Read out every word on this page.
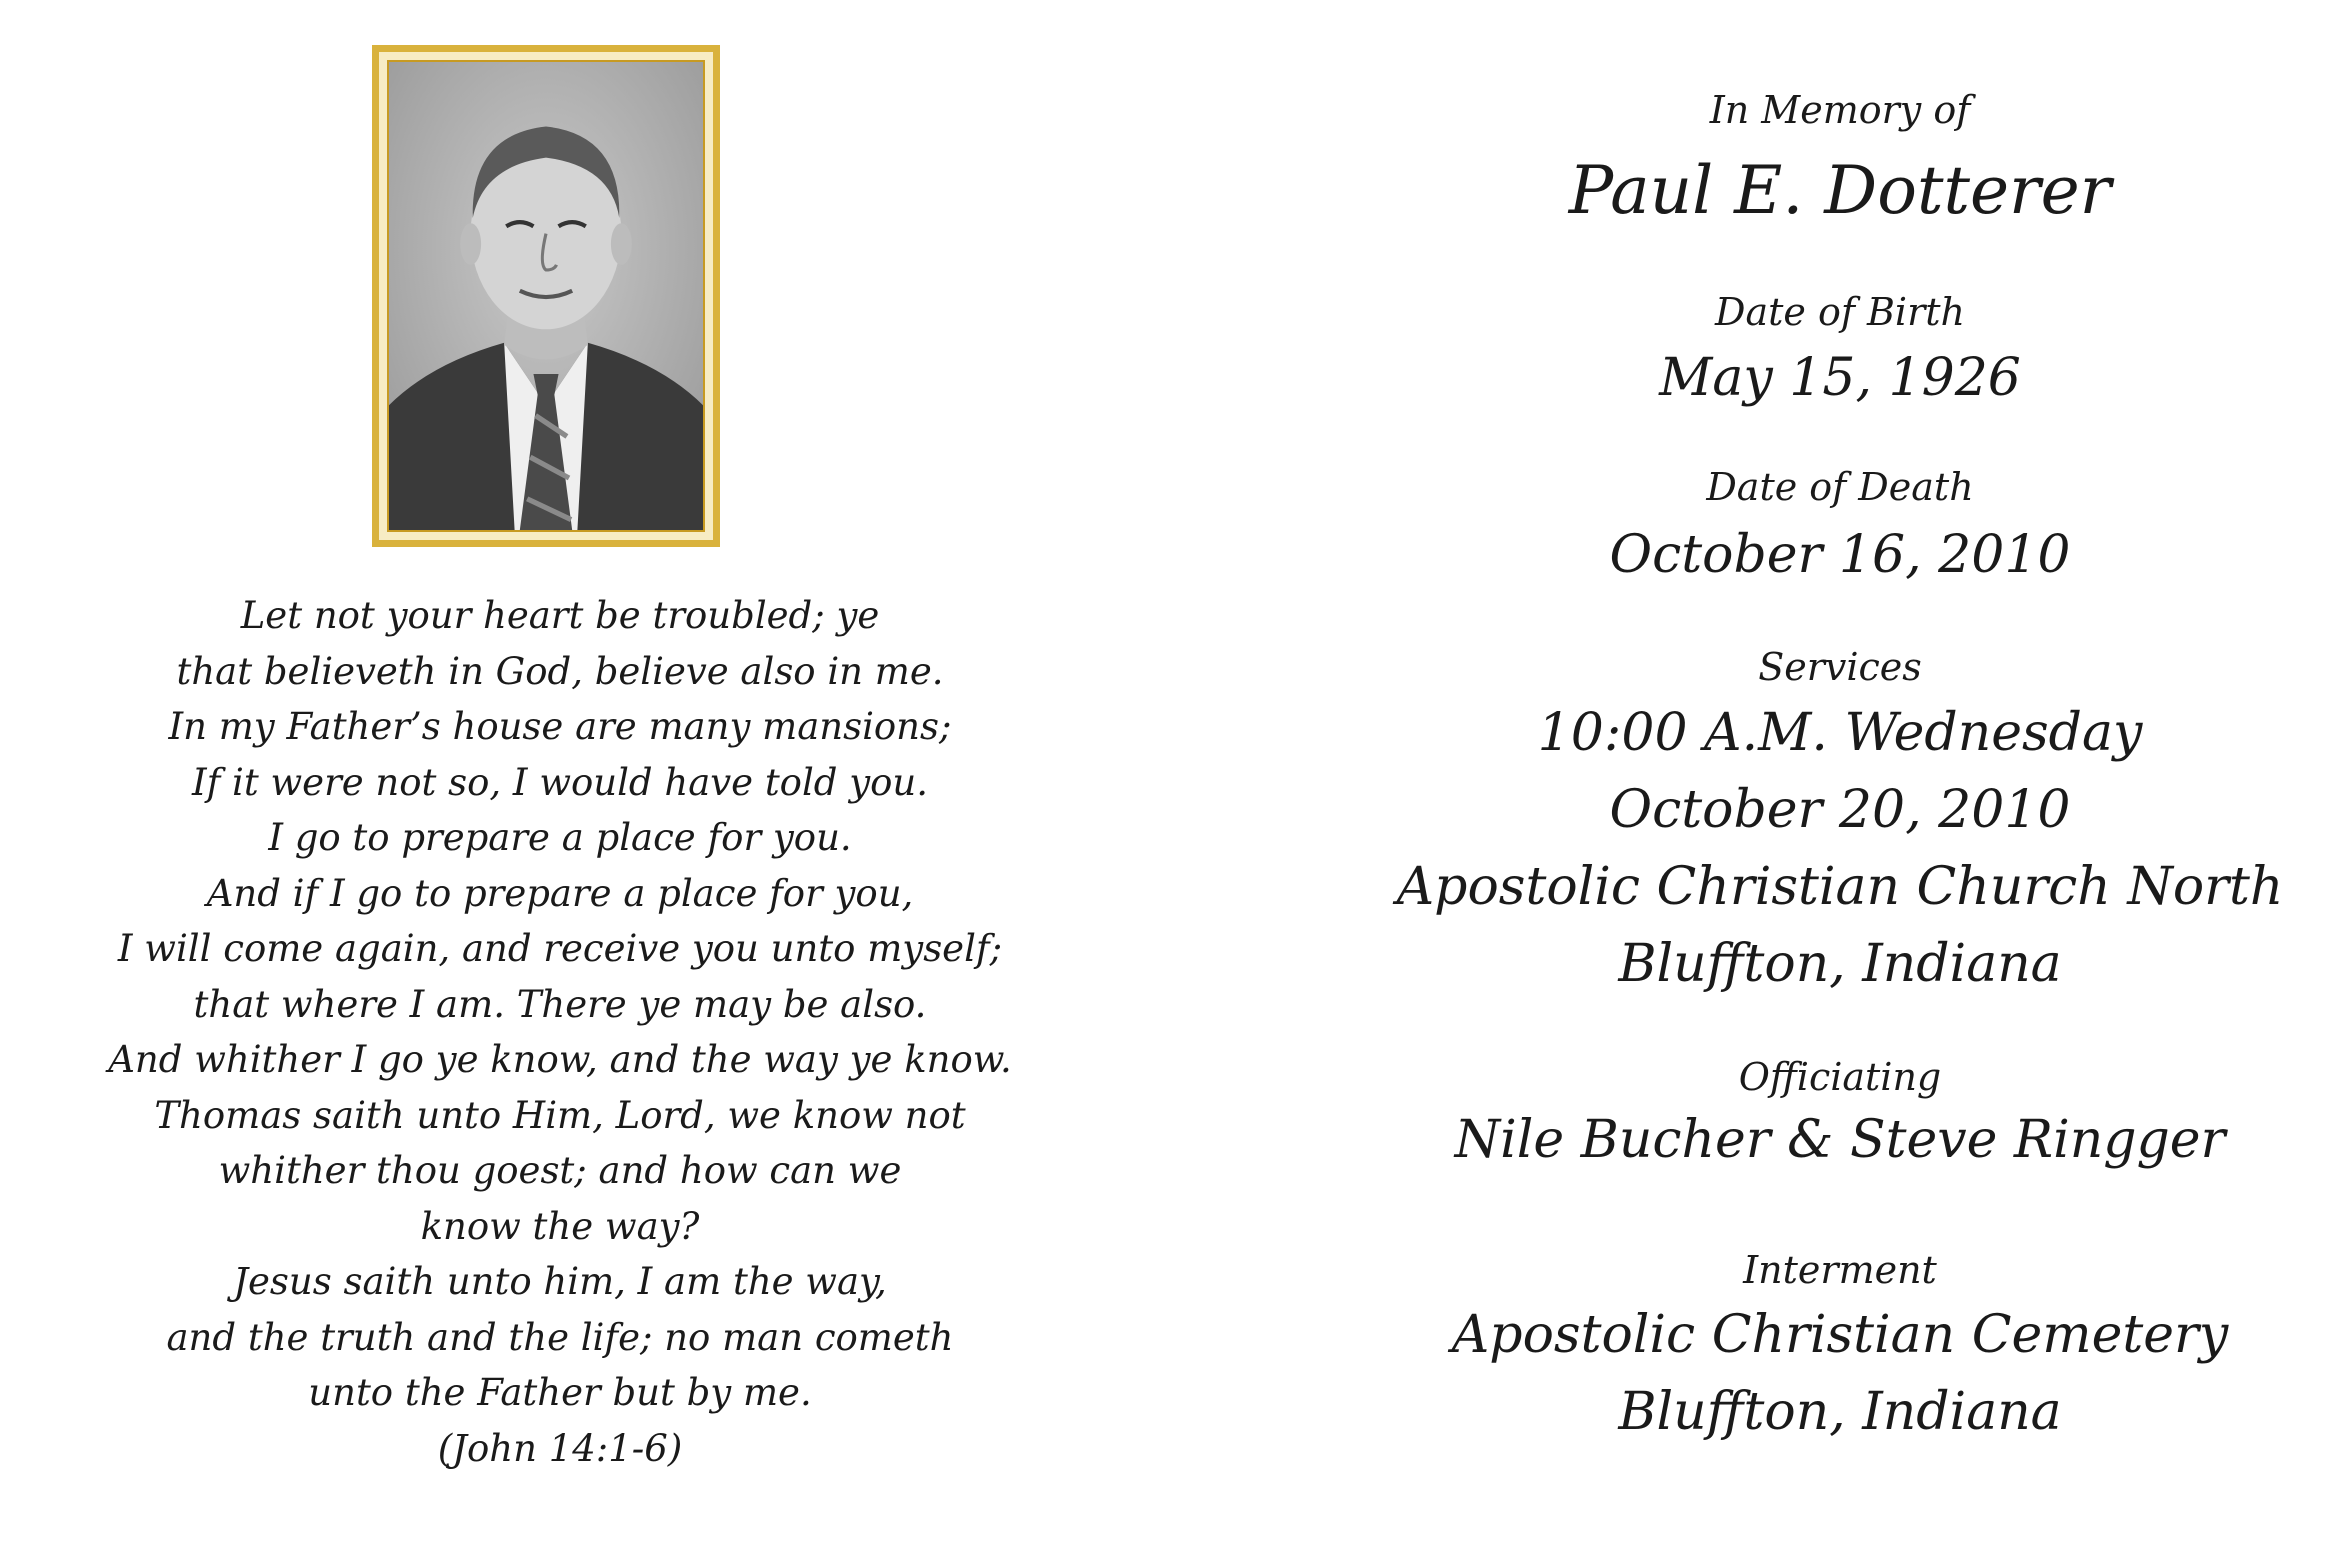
Let not your heart be troubled; ye
that believeth in God, believe also in me.
In my Father’s house are many mansions;
If it were not so, I would have told you.
I go to prepare a place for you.
And if I go to prepare a place for you,
I will come again, and receive you unto myself;
that where I am. There ye may be also.
And whither I go ye know, and the way ye know.
Thomas saith unto Him, Lord, we know not
whither thou goest; and how can we
know the way?
Jesus saith unto him, I am the way,
and the truth and the life; no man cometh
unto the Father but by me.
(John 14:1-6)
In Memory of
Paul E. Dotterer
Date of Birth
May 15, 1926
Date of Death
October 16, 2010
Services
10:00 A.M. Wednesday
October 20, 2010
Apostolic Christian Church North
Bluffton, Indiana
Officiating
Nile Bucher & Steve Ringger
Interment
Apostolic Christian Cemetery
Bluffton, Indiana
